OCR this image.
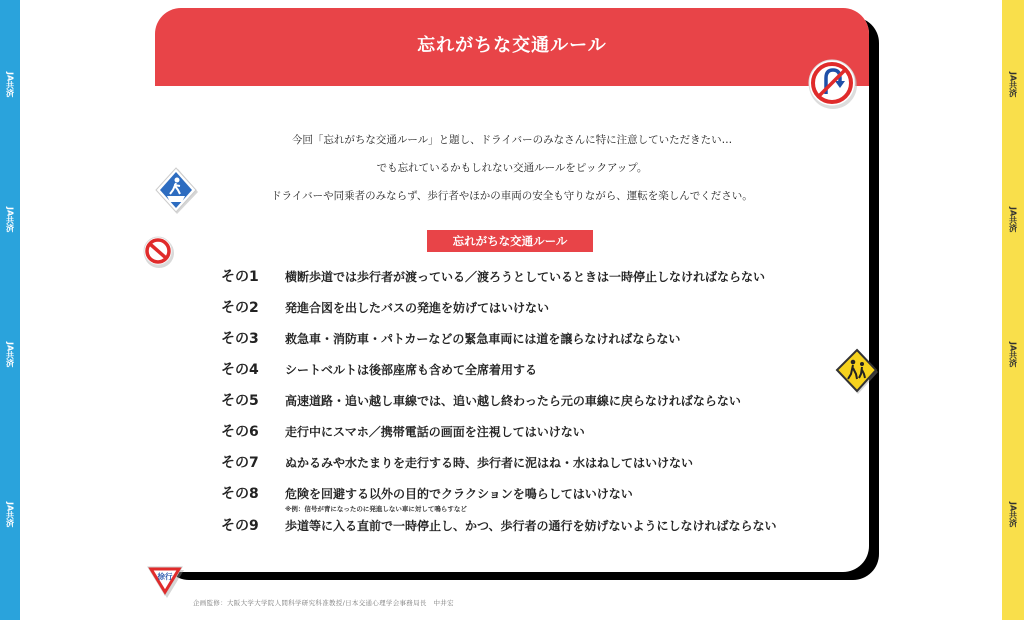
JA共済
JA共済
JA共済
JA共済
JA共済
JA共済
JA共済
JA共済
忘れがちな交通ルール

今回「忘れがちな交通ルール」と題し、ドライバーのみなさんに特に注意していただきたい…

でも忘れているかもしれない交通ルールをピックアップ。

ドライバーや同乗者のみならず、歩行者やほかの車両の安全も守りながら、運転を楽しんでください。

忘れがちな交通ルール
その1	横断歩道では歩行者が渡っている／渡ろうとしているときは一時停止しなければならない
その2	発進合図を出したバスの発進を妨げてはいけない
その3	救急車・消防車・パトカーなどの緊急車両には道を譲らなければならない
その4	シートベルトは後部座席も含めて全席着用する
その5	高速道路・追い越し車線では、追い越し終わったら元の車線に戻らなければならない
その6	走行中にスマホ／携帯電話の画面を注視してはいけない
その7	ぬかるみや水たまりを走行する時、歩行者に泥はね・水はねしてはいけない
その8	危険を回避する以外の目的でクラクションを鳴らしてはいけない
※例：信号が青になったのに発進しない車に対して鳴らすなど
その9	歩道等に入る直前で一時停止し、かつ、歩行者の通行を妨げないようにしなければならない
徐行
企画監修：大阪大学大学院人間科学研究科准教授/日本交通心理学会事務局長　中井宏
